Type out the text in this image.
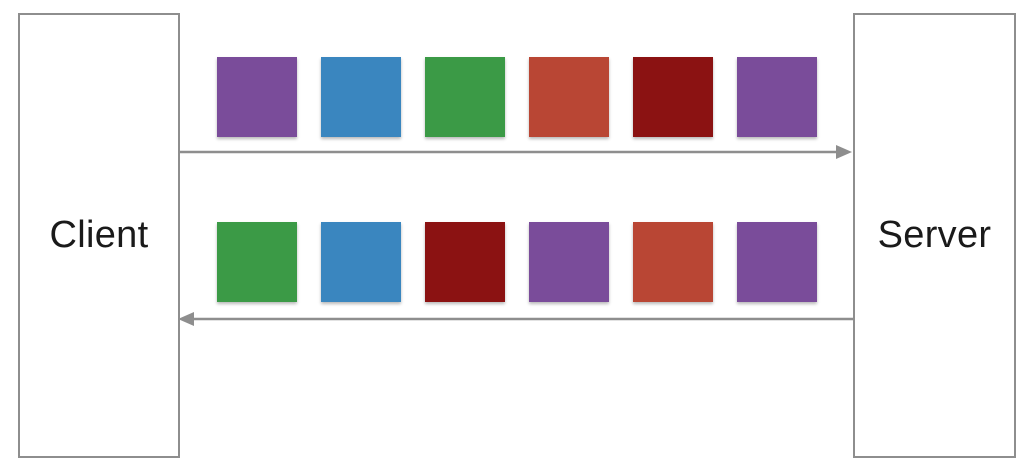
Client	Server
